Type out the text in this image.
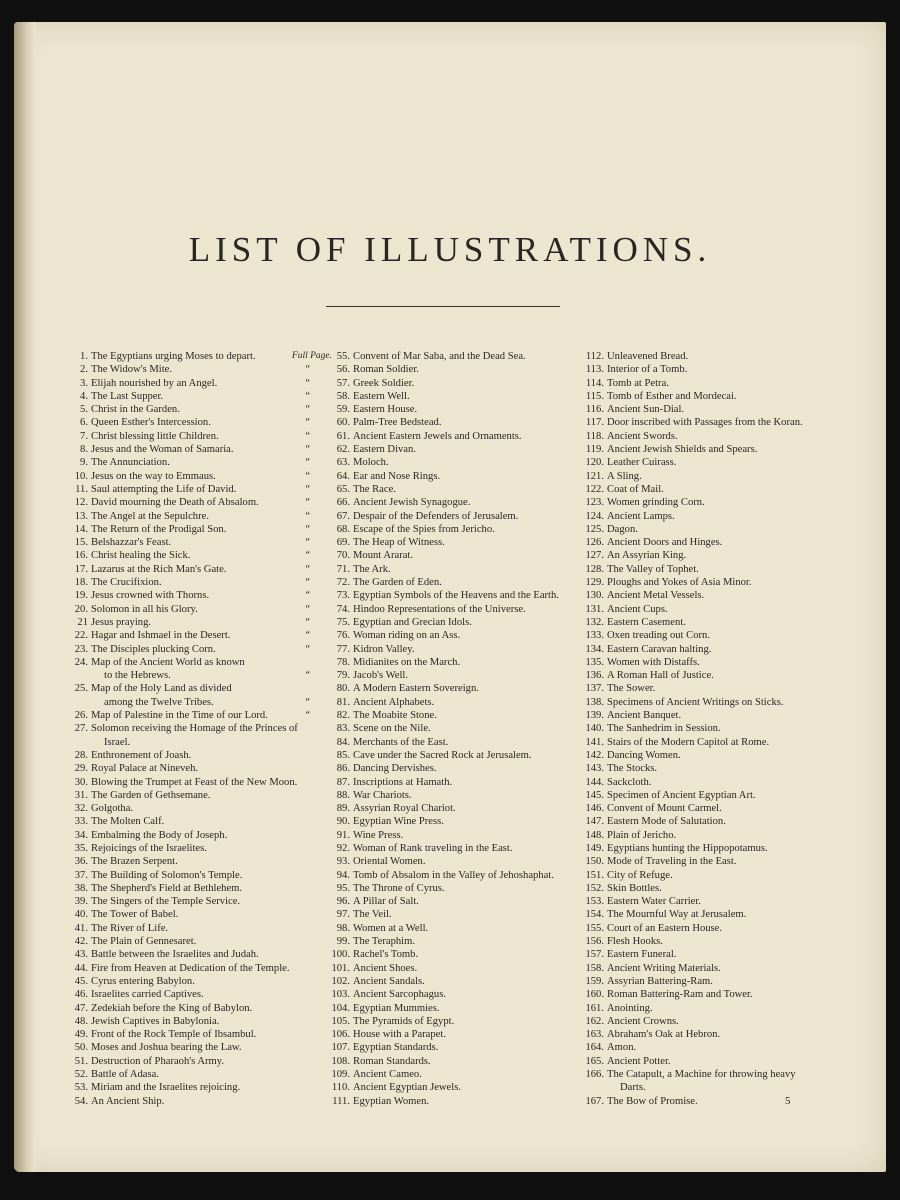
LIST OF ILLUSTRATIONS.
1. The Egyptians urging Moses to depart.	Full Page.
2. The Widow's Mite.	“
3. Elijah nourished by an Angel.	“
4. The Last Supper.	“
5. Christ in the Garden.	“
6. Queen Esther's Intercession.	“
7. Christ blessing little Children.	“
8. Jesus and the Woman of Samaria.	“
9. The Annunciation.	“
10. Jesus on the way to Emmaus.	“
11. Saul attempting the Life of David.	“
12. David mourning the Death of Absalom.	“
13. The Angel at the Sepulchre.	“
14. The Return of the Prodigal Son.	“
15. Belshazzar's Feast.	“
16. Christ healing the Sick.	“
17. Lazarus at the Rich Man's Gate.	“
18. The Crucifixion.	“
19. Jesus crowned with Thorns.	“
20. Solomon in all his Glory.	“
21 Jesus praying.	“
22. Hagar and Ishmael in the Desert.	“
23. The Disciples plucking Corn.	“
24. Map of the Ancient World as known
to the Hebrews.	“
25. Map of the Holy Land as divided
among the Twelve Tribes.	“
26. Map of Palestine in the Time of our Lord.	“
27. Solomon receiving the Homage of the Princes of
Israel.
28. Enthronement of Joash.
29. Royal Palace at Nineveh.
30. Blowing the Trumpet at Feast of the New Moon.
31. The Garden of Gethsemane.
32. Golgotha.
33. The Molten Calf.
34. Embalming the Body of Joseph.
35. Rejoicings of the Israelites.
36. The Brazen Serpent.
37. The Building of Solomon's Temple.
38. The Shepherd's Field at Bethlehem.
39. The Singers of the Temple Service.
40. The Tower of Babel.
41. The River of Life.
42. The Plain of Gennesaret.
43. Battle between the Israelites and Judah.
44. Fire from Heaven at Dedication of the Temple.
45. Cyrus entering Babylon.
46. Israelites carried Captives.
47. Zedekiah before the King of Babylon.
48. Jewish Captives in Babylonia.
49. Front of the Rock Temple of Ibsambul.
50. Moses and Joshua bearing the Law.
51. Destruction of Pharaoh's Army.
52. Battle of Adasa.
53. Miriam and the Israelites rejoicing.
54. An Ancient Ship.
55. Convent of Mar Saba, and the Dead Sea.
56. Roman Soldier.
57. Greek Soldier.
58. Eastern Well.
59. Eastern House.
60. Palm-Tree Bedstead.
61. Ancient Eastern Jewels and Ornaments.
62. Eastern Divan.
63. Moloch.
64. Ear and Nose Rings.
65. The Race.
66. Ancient Jewish Synagogue.
67. Despair of the Defenders of Jerusalem.
68. Escape of the Spies from Jericho.
69. The Heap of Witness.
70. Mount Ararat.
71. The Ark.
72. The Garden of Eden.
73. Egyptian Symbols of the Heavens and the Earth.
74. Hindoo Representations of the Universe.
75. Egyptian and Grecian Idols.
76. Woman riding on an Ass.
77. Kidron Valley.
78. Midianites on the March.
79. Jacob's Well.
80. A Modern Eastern Sovereign.
81. Ancient Alphabets.
82. The Moabite Stone.
83. Scene on the Nile.
84. Merchants of the East.
85. Cave under the Sacred Rock at Jerusalem.
86. Dancing Dervishes.
87. Inscriptions at Hamath.
88. War Chariots.
89. Assyrian Royal Chariot.
90. Egyptian Wine Press.
91. Wine Press.
92. Woman of Rank traveling in the East.
93. Oriental Women.
94. Tomb of Absalom in the Valley of Jehoshaphat.
95. The Throne of Cyrus.
96. A Pillar of Salt.
97. The Veil.
98. Women at a Well.
99. The Teraphim.
100. Rachel's Tomb.
101. Ancient Shoes.
102. Ancient Sandals.
103. Ancient Sarcophagus.
104. Egyptian Mummies.
105. The Pyramids of Egypt.
106. House with a Parapet.
107. Egyptian Standards.
108. Roman Standards.
109. Ancient Cameo.
110. Ancient Egyptian Jewels.
111. Egyptian Women.
112. Unleavened Bread.
113. Interior of a Tomb.
114. Tomb at Petra.
115. Tomb of Esther and Mordecai.
116. Ancient Sun-Dial.
117. Door inscribed with Passages from the Koran.
118. Ancient Swords.
119. Ancient Jewish Shields and Spears.
120. Leather Cuirass.
121. A Sling.
122. Coat of Mail.
123. Women grinding Corn.
124. Ancient Lamps.
125. Dagon.
126. Ancient Doors and Hinges.
127. An Assyrian King.
128. The Valley of Tophet.
129. Ploughs and Yokes of Asia Minor.
130. Ancient Metal Vessels.
131. Ancient Cups.
132. Eastern Casement.
133. Oxen treading out Corn.
134. Eastern Caravan halting.
135. Women with Distaffs.
136. A Roman Hall of Justice.
137. The Sower.
138. Specimens of Ancient Writings on Sticks.
139. Ancient Banquet.
140. The Sanhedrim in Session.
141. Stairs of the Modern Capitol at Rome.
142. Dancing Women.
143. The Stocks.
144. Sackcloth.
145. Specimen of Ancient Egyptian Art.
146. Convent of Mount Carmel.
147. Eastern Mode of Salutation.
148. Plain of Jericho.
149. Egyptians hunting the Hippopotamus.
150. Mode of Traveling in the East.
151. City of Refuge.
152. Skin Bottles.
153. Eastern Water Carrier.
154. The Mournful Way at Jerusalem.
155. Court of an Eastern House.
156. Flesh Hooks.
157. Eastern Funeral.
158. Ancient Writing Materials.
159. Assyrian Battering-Ram.
160. Roman Battering-Ram and Tower.
161. Anointing.
162. Ancient Crowns.
163. Abraham's Oak at Hebron.
164. Amon.
165. Ancient Potter.
166. The Catapult, a Machine for throwing heavy
Darts.
167. The Bow of Promise.	5
